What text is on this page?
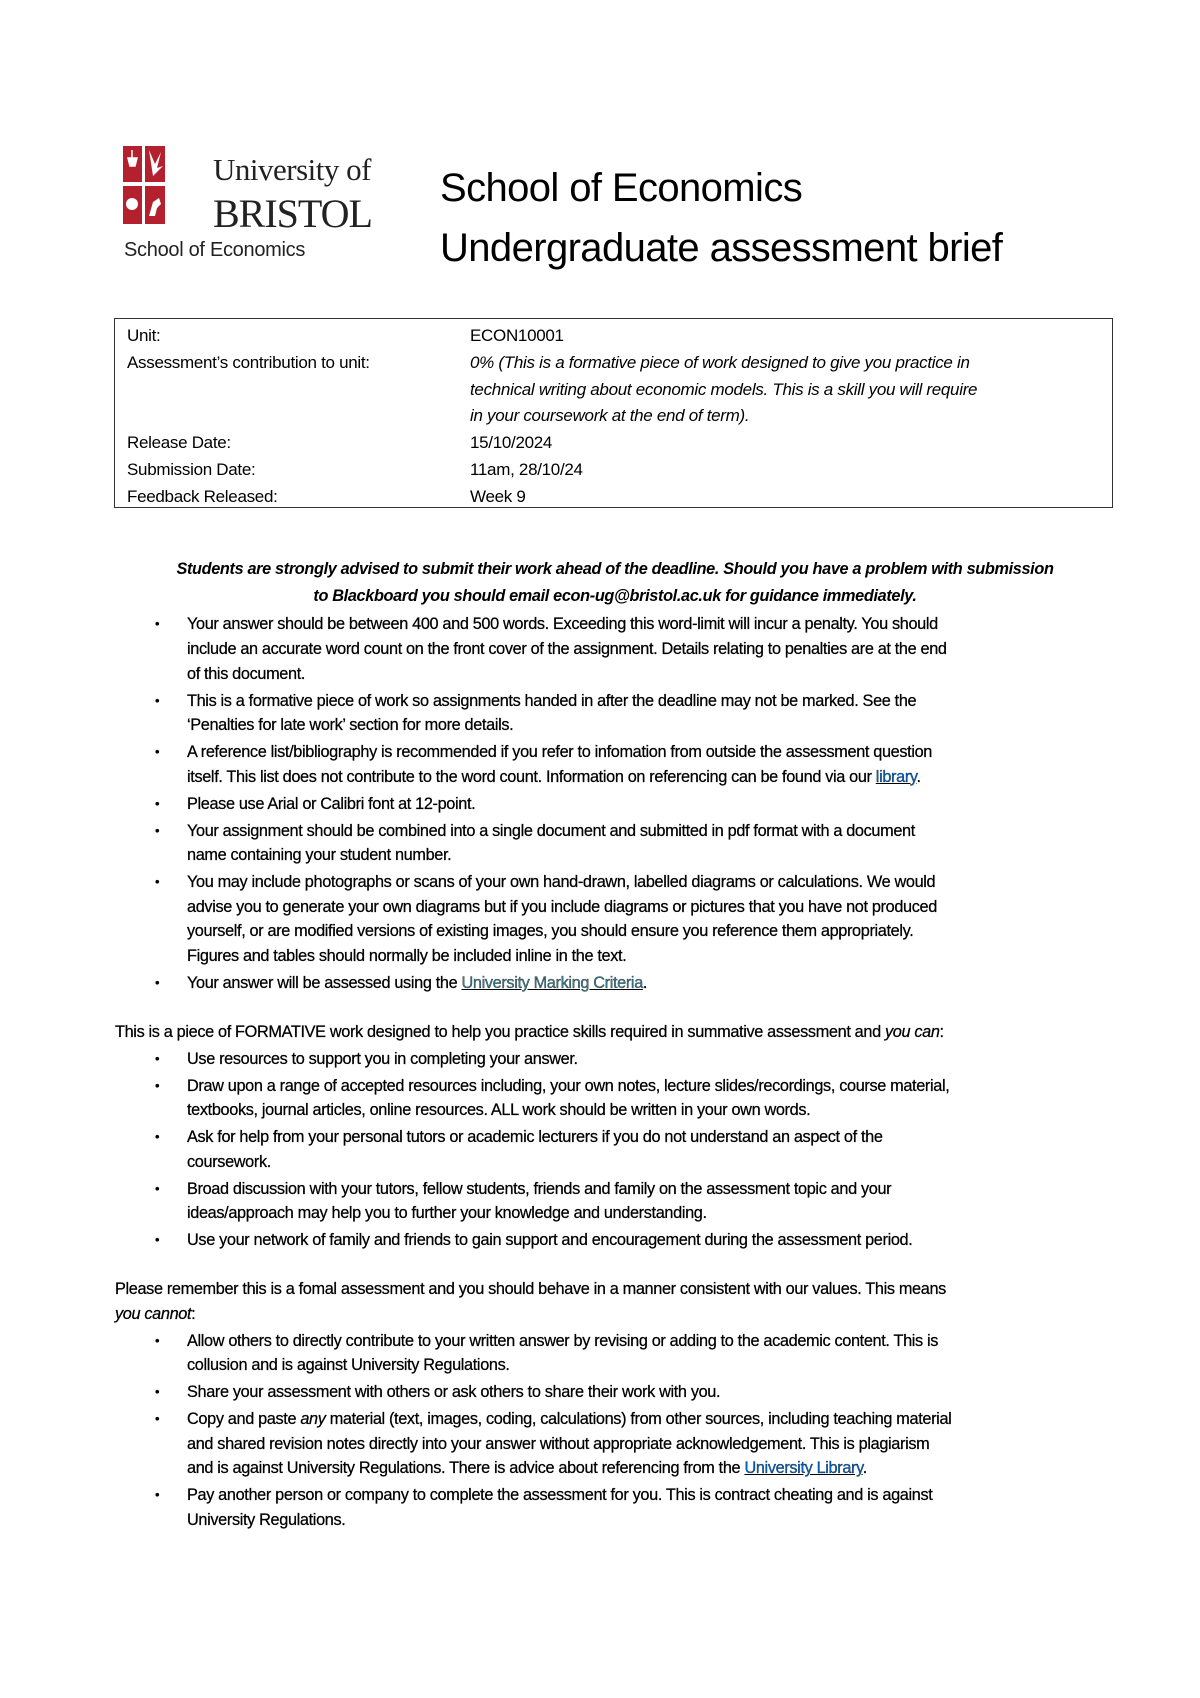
University of
BRISTOL
School of Economics
School of Economics
Undergraduate assessment brief
Unit:	ECON10001
Assessment’s contribution to unit:	0% (This is a formative piece of work designed to give you practice in
technical writing about economic models. This is a skill you will require
in your coursework at the end of term).
Release Date:	15/10/2024
Submission Date:	11am, 28/10/24
Feedback Released:	Week 9
Students are strongly advised to submit their work ahead of the deadline. Should you have a problem with submission
to Blackboard you should email econ-ug@bristol.ac.uk for guidance immediately.
• Your answer should be between 400 and 500 words. Exceeding this word-limit will incur a penalty. You should
include an accurate word count on the front cover of the assignment. Details relating to penalties are at the end
of this document.
• This is a formative piece of work so assignments handed in after the deadline may not be marked. See the
‘Penalties for late work’ section for more details.
• A reference list/bibliography is recommended if you refer to infomation from outside the assessment question
itself. This list does not contribute to the word count. Information on referencing can be found via our library.
• Please use Arial or Calibri font at 12-point.
• Your assignment should be combined into a single document and submitted in pdf format with a document
name containing your student number.
• You may include photographs or scans of your own hand-drawn, labelled diagrams or calculations. We would
advise you to generate your own diagrams but if you include diagrams or pictures that you have not produced
yourself, or are modified versions of existing images, you should ensure you reference them appropriately.
Figures and tables should normally be included inline in the text.
• Your answer will be assessed using the University Marking Criteria.
This is a piece of FORMATIVE work designed to help you practice skills required in summative assessment and you can:
• Use resources to support you in completing your answer.
• Draw upon a range of accepted resources including, your own notes, lecture slides/recordings, course material,
textbooks, journal articles, online resources. ALL work should be written in your own words.
• Ask for help from your personal tutors or academic lecturers if you do not understand an aspect of the
coursework.
• Broad discussion with your tutors, fellow students, friends and family on the assessment topic and your
ideas/approach may help you to further your knowledge and understanding.
• Use your network of family and friends to gain support and encouragement during the assessment period.
Please remember this is a fomal assessment and you should behave in a manner consistent with our values. This means
you cannot:
• Allow others to directly contribute to your written answer by revising or adding to the academic content. This is
collusion and is against University Regulations.
• Share your assessment with others or ask others to share their work with you.
• Copy and paste any material (text, images, coding, calculations) from other sources, including teaching material
and shared revision notes directly into your answer without appropriate acknowledgement. This is plagiarism
and is against University Regulations. There is advice about referencing from the University Library.
• Pay another person or company to complete the assessment for you. This is contract cheating and is against
University Regulations.
